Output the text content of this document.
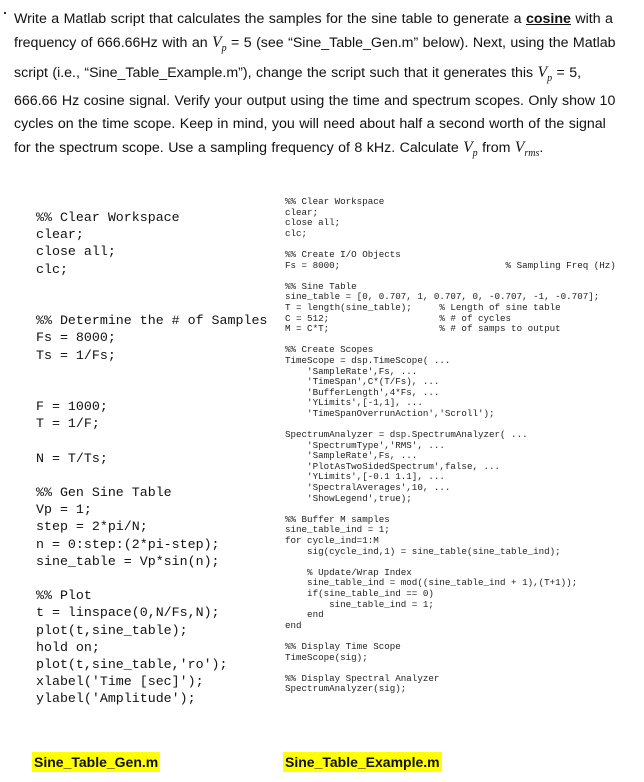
Write a Matlab script that calculates the samples for the sine table to generate a cosine with a frequency of 666.66Hz with an $V_p = 5$ (see “Sine_Table_Gen.m” below). Next, using the Matlab script (i.e., “Sine_Table_Example.m”), change the script such that it generates this $V_p = 5$, 666.66 Hz cosine signal. Verify your output using the time and spectrum scopes. Only show 10 cycles on the time scope. Keep in mind, you will need about half a second worth of the signal for the spectrum scope. Use a sampling frequency of 8 kHz. Calculate $V_p$ from $V_{rms}$.
%% Clear Workspace
clear;
close all;
clc;
%% Determine the # of Samples
Fs = 8000;
Ts = 1/Fs;
F = 1000;
T = 1/F;
N = T/Ts;
%% Gen Sine Table
Vp = 1;
step = 2*pi/N;
n = 0:step:(2*pi-step);
sine_table = Vp*sin(n);
%% Plot
t = linspace(0,N/Fs,N);
plot(t,sine_table);
hold on;
plot(t,sine_table,'ro');
xlabel('Time [sec]');
ylabel('Amplitude');
%% Clear Workspace
clear;
close all;
clc;
%% Create I/O Objects
Fs = 8000;                              % Sampling Freq (Hz)
%% Sine Table
sine_table = [0, 0.707, 1, 0.707, 0, -0.707, -1, -0.707];
T = length(sine_table);     % Length of sine table
C = 512;                    % # of cycles
M = C*T;                    % # of samps to output
%% Create Scopes
TimeScope = dsp.TimeScope( ...
'SampleRate',Fs, ...
'TimeSpan',C*(T/Fs), ...
'BufferLength',4*Fs, ...
'YLimits',[-1,1], ...
'TimeSpanOverrunAction','Scroll');
SpectrumAnalyzer = dsp.SpectrumAnalyzer( ...
'SpectrumType','RMS', ...
'SampleRate',Fs, ...
'PlotAsTwoSidedSpectrum',false, ...
'YLimits',[-0.1 1.1], ...
'SpectralAverages',10, ...
'ShowLegend',true);
%% Buffer M samples
sine_table_ind = 1;
for cycle_ind=1:M
sig(cycle_ind,1) = sine_table(sine_table_ind);
% Update/Wrap Index
sine_table_ind = mod((sine_table_ind + 1),(T+1));
if(sine_table_ind == 0)
sine_table_ind = 1;
end
end
%% Display Time Scope
TimeScope(sig);
%% Display Spectral Analyzer
SpectrumAnalyzer(sig);
Sine_Table_Gen.m	Sine_Table_Example.m
